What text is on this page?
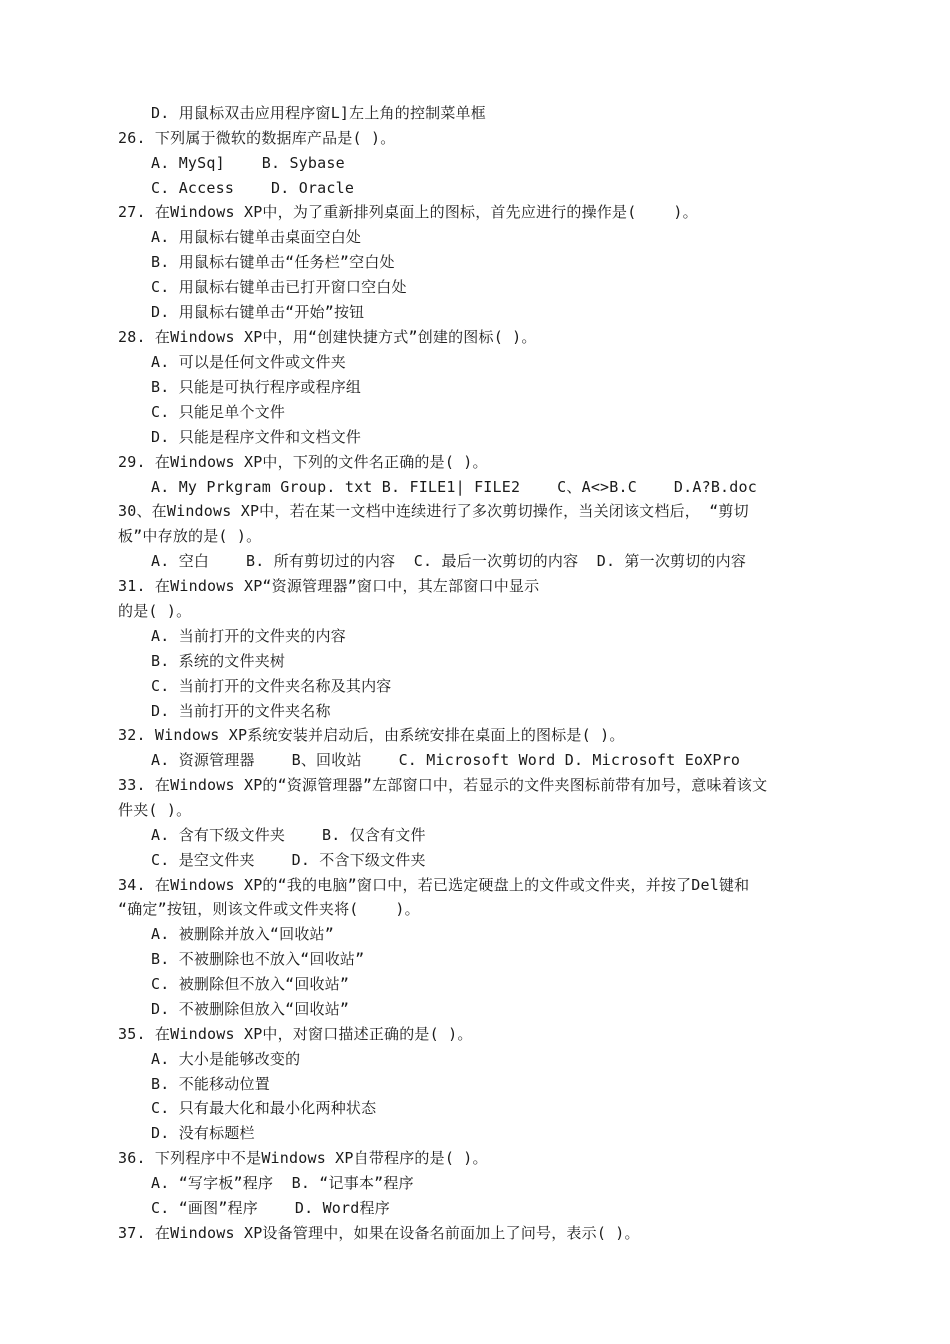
D. 用鼠标双击应用程序窗L]左上角的控制菜单框
26. 下列属于微软的数据库产品是( )。
A. MySq]    B. Sybase
C. Access    D. Oracle
27. 在Windows XP中，为了重新排列桌面上的图标，首先应进行的操作是(    )。
A. 用鼠标右键单击桌面空白处
B. 用鼠标右键单击“任务栏”空白处
C. 用鼠标右键单击已打开窗口空白处
D. 用鼠标右键单击“开始”按钮
28. 在Windows XP中，用“创建快捷方式”创建的图标( )。
A. 可以是任何文件或文件夹
B. 只能是可执行程序或程序组
C. 只能足单个文件
D. 只能是程序文件和文档文件
29. 在Windows XP中，下列的文件名正确的是( )。
A. My Prkgram Group. txt B. FILE1| FILE2    C、A<>B.C    D.A?B.doc
30、在Windows XP中，若在某一文档中连续进行了多次剪切操作，当关闭该文档后， “剪切
板”中存放的是( )。
A. 空白    B. 所有剪切过的内容  C. 最后一次剪切的内容  D. 第一次剪切的内容
31. 在Windows XP“资源管理器”窗口中，其左部窗口中显示
的是( )。
A. 当前打开的文件夹的内容
B. 系统的文件夹树
C. 当前打开的文件夹名称及其内容
D. 当前打开的文件夹名称
32. Windows XP系统安装并启动后，由系统安排在桌面上的图标是( )。
A. 资源管理器    B、回收站    C. Microsoft Word D. Microsoft EoXPro
33. 在Windows XP的“资源管理器”左部窗口中，若显示的文件夹图标前带有加号，意味着该文
件夹( )。
A. 含有下级文件夹    B. 仅含有文件
C. 是空文件夹    D. 不含下级文件夹
34. 在Windows XP的“我的电脑”窗口中，若已选定硬盘上的文件或文件夹，并按了Del键和
“确定”按钮，则该文件或文件夹将(    )。
A. 被删除并放入“回收站”
B. 不被删除也不放入“回收站”
C. 被删除但不放入“回收站”
D. 不被删除但放入“回收站”
35. 在Windows XP中，对窗口描述正确的是( )。
A. 大小是能够改变的
B. 不能移动位置
C. 只有最大化和最小化两种状态
D. 没有标题栏
36. 下列程序中不是Windows XP自带程序的是( )。
A. “写字板”程序  B. “记事本”程序
C. “画图”程序    D. Word程序
37. 在Windows XP设备管理中，如果在设备名前面加上了问号，表示( )。
